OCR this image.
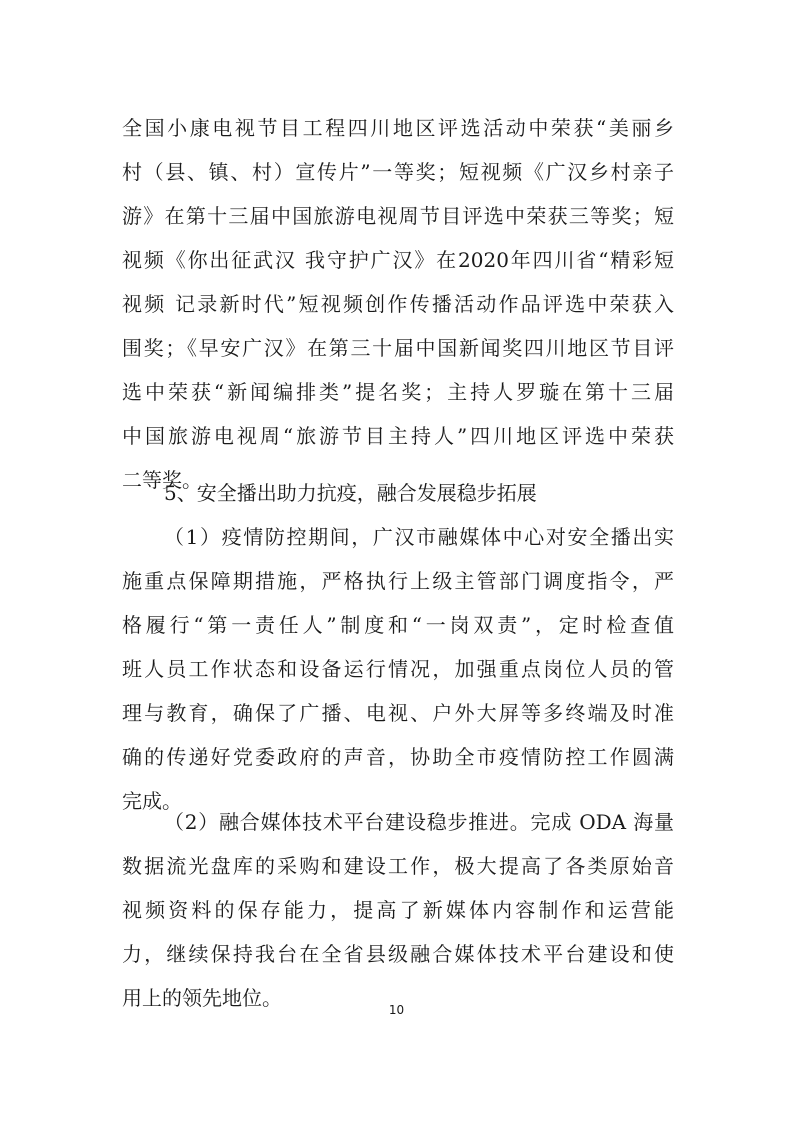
全国小康电视节目工程四川地区评选活动中荣获“美丽乡
村（县、镇、村）宣传片”一等奖；短视频《广汉乡村亲子
游》在第十三届中国旅游电视周节目评选中荣获三等奖；短
视频《你出征武汉 我守护广汉》在2020年四川省“精彩短
视频 记录新时代”短视频创作传播活动作品评选中荣获入
围奖；《早安广汉》在第三十届中国新闻奖四川地区节目评
选中荣获“新闻编排类”提名奖；主持人罗璇在第十三届
中国旅游电视周“旅游节目主持人”四川地区评选中荣获
二等奖。
5、安全播出助力抗疫，融合发展稳步拓展
（1）疫情防控期间，广汉市融媒体中心对安全播出实
施重点保障期措施，严格执行上级主管部门调度指令，严
格履行“第一责任人”制度和“一岗双责”，定时检查值
班人员工作状态和设备运行情况，加强重点岗位人员的管
理与教育，确保了广播、电视、户外大屏等多终端及时准
确的传递好党委政府的声音，协助全市疫情防控工作圆满
完成。
（2）融合媒体技术平台建设稳步推进。完成 ODA 海量
数据流光盘库的采购和建设工作，极大提高了各类原始音
视频资料的保存能力，提高了新媒体内容制作和运营能
力，继续保持我台在全省县级融合媒体技术平台建设和使
用上的领先地位。	10
